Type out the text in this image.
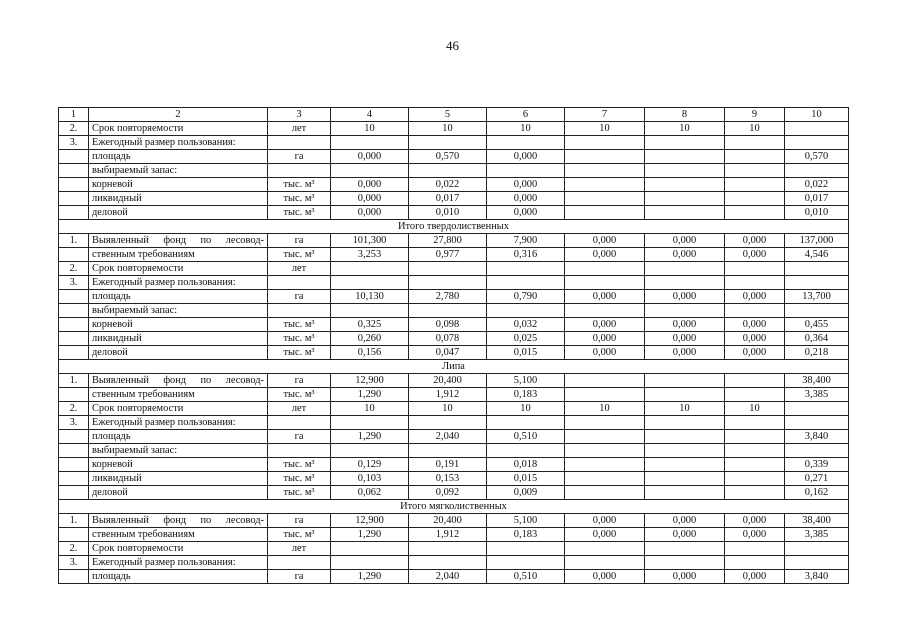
46
1	2	3	4	5	6	7	8	9	10
2.	Срок повторяемости	лет	10	10	10	10	10	10	
3.	Ежегодный размер пользования:								
	площадь	га	0,000	0,570	0,000				0,570
	выбираемый запас:								
	корневой	тыс. м³	0,000	0,022	0,000				0,022
	ликвидный	тыс. м³	0,000	0,017	0,000				0,017
	деловой	тыс. м³	0,000	0,010	0,000				0,010
Итого твердолиственных									
1.	Выявленный фонд по лесовод-	га	101,300	27,800	7,900	0,000	0,000	0,000	137,000
	ственным требованиям	тыс. м³	3,253	0,977	0,316	0,000	0,000	0,000	4,546
2.	Срок повторяемости	лет							
3.	Ежегодный размер пользования:								
	площадь	га	10,130	2,780	0,790	0,000	0,000	0,000	13,700
	выбираемый запас:								
	корневой	тыс. м³	0,325	0,098	0,032	0,000	0,000	0,000	0,455
	ликвидный	тыс. м³	0,260	0,078	0,025	0,000	0,000	0,000	0,364
	деловой	тыс. м³	0,156	0,047	0,015	0,000	0,000	0,000	0,218
Липа									
1.	Выявленный фонд по лесовод-	га	12,900	20,400	5,100				38,400
	ственным требованиям	тыс. м³	1,290	1,912	0,183				3,385
2.	Срок повторяемости	лет	10	10	10	10	10	10	
3.	Ежегодный размер пользования:								
	площадь	га	1,290	2,040	0,510				3,840
	выбираемый запас:								
	корневой	тыс. м³	0,129	0,191	0,018				0,339
	ликвидный	тыс. м³	0,103	0,153	0,015				0,271
	деловой	тыс. м³	0,062	0,092	0,009				0,162
Итого мягколиственных									
1.	Выявленный фонд по лесовод-	га	12,900	20,400	5,100	0,000	0,000	0,000	38,400
	ственным требованиям	тыс. м³	1,290	1,912	0,183	0,000	0,000	0,000	3,385
2.	Срок повторяемости	лет							
3.	Ежегодный размер пользования:								
	площадь	га	1,290	2,040	0,510	0,000	0,000	0,000	3,840
